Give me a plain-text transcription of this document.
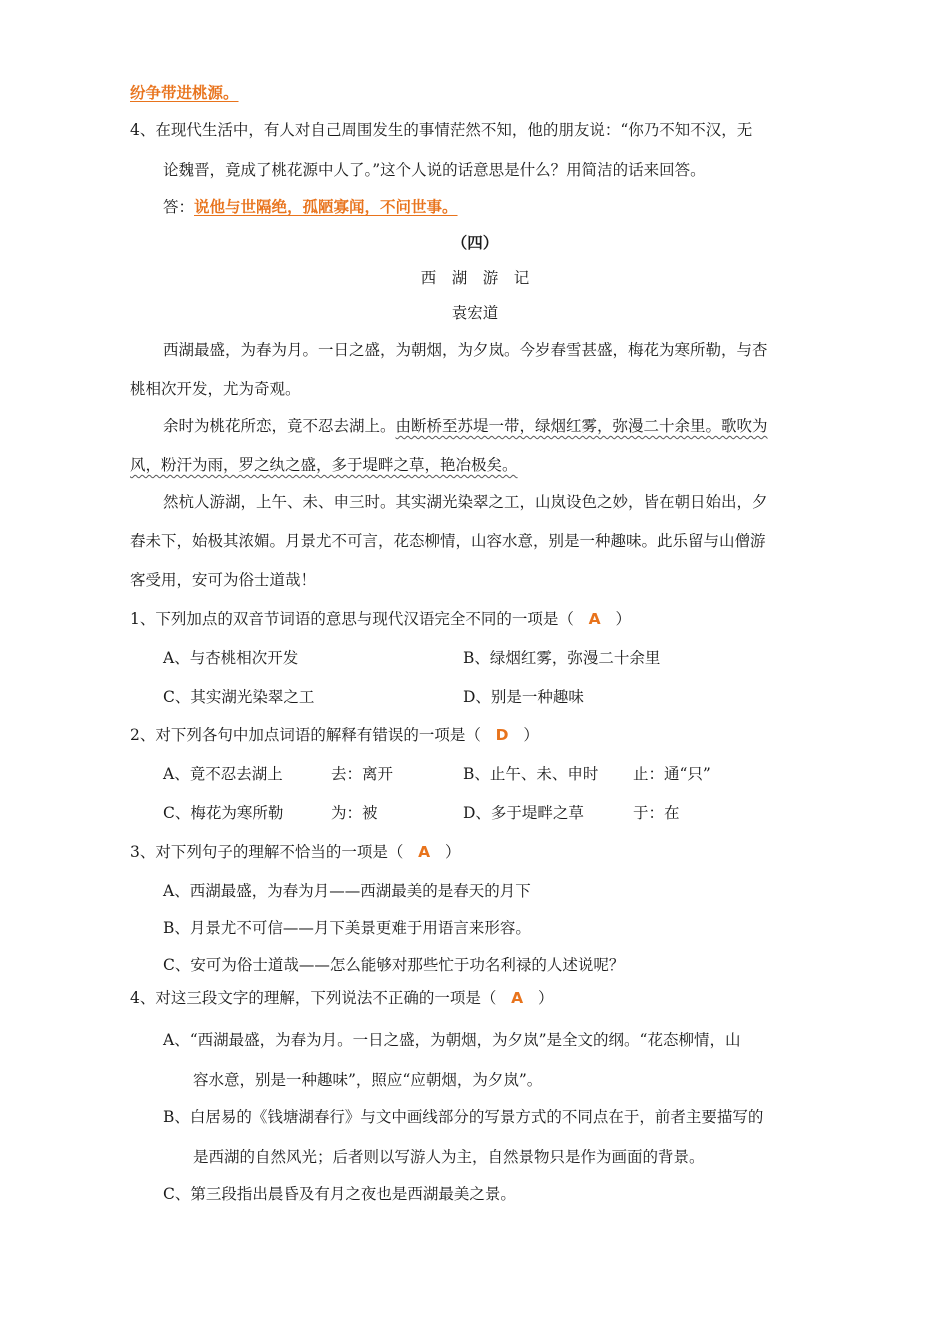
纷争带进桃源。
4、在现代生活中，有人对自己周围发生的事情茫然不知，他的朋友说：“你乃不知不汉，无
论魏晋，竟成了桃花源中人了。”这个人说的话意思是什么？用简洁的话来回答。
答：说他与世隔绝，孤陋寡闻，不问世事。
（四）
西　湖　游　记
袁宏道
西湖最盛，为春为月。一日之盛，为朝烟，为夕岚。今岁春雪甚盛，梅花为寒所勒，与杏
桃相次开发，尤为奇观。
余时为桃花所恋，竟不忍去湖上。由断桥至苏堤一带，绿烟红雾，弥漫二十余里。歌吹为
风，粉汗为雨，罗之纨之盛，多于堤畔之草，艳冶极矣。
然杭人游湖，上午、未、申三时。其实湖光染翠之工，山岚设色之妙，皆在朝日始出，夕
舂未下，始极其浓媚。月景尤不可言，花态柳情，山容水意，别是一种趣味。此乐留与山僧游
客受用，安可为俗士道哉！
1、下列加点的双音节词语的意思与现代汉语完全不同的一项是（ A ）
A、与杏桃相次开发	B、绿烟红雾，弥漫二十余里
C、其实湖光染翠之工	D、别是一种趣味
2、对下列各句中加点词语的解释有错误的一项是（ D ）
A、竟不忍去湖上	去：离开	B、止午、未、申时 止：通“只”
C、梅花为寒所勒	为：被	D、多于堤畔之草	于：在
3、对下列句子的理解不恰当的一项是（ A ）
A、西湖最盛，为春为月——西湖最美的是春天的月下
B、月景尤不可信——月下美景更难于用语言来形容。
C、安可为俗士道哉——怎么能够对那些忙于功名利禄的人述说呢？
4、对这三段文字的理解，下列说法不正确的一项是（ A ）
A、“西湖最盛，为春为月。一日之盛，为朝烟，为夕岚”是全文的纲。“花态柳情，山
容水意，别是一种趣味”，照应“应朝烟，为夕岚”。
B、白居易的《钱塘湖春行》与文中画线部分的写景方式的不同点在于，前者主要描写的
是西湖的自然风光；后者则以写游人为主，自然景物只是作为画面的背景。
C、第三段指出晨昏及有月之夜也是西湖最美之景。
